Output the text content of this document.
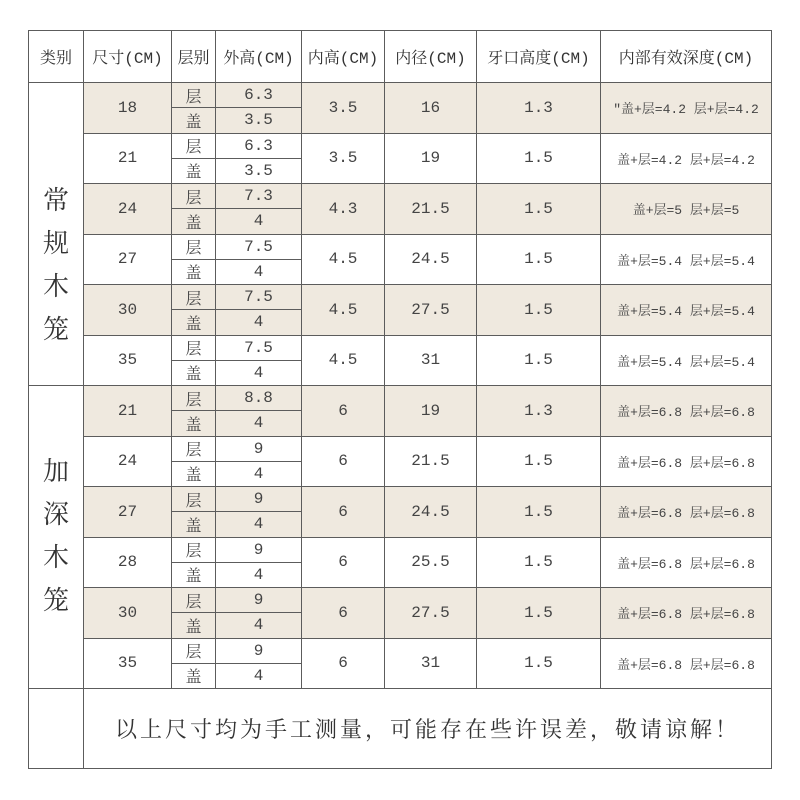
类别	尺寸(CM)	层别	外高(CM)	内高(CM)	内径(CM)	牙口高度(CM)	内部有效深度(CM)

常规木笼	18	层	6.3	3.5	16	1.3	"盖+层=4.2 层+层=4.2
		盖	3.5				
	21	层	6.3	3.5	19	1.5	盖+层=4.2 层+层=4.2
		盖	3.5				
	24	层	7.3	4.3	21.5	1.5	盖+层=5 层+层=5
		盖	4				
	27	层	7.5	4.5	24.5	1.5	盖+层=5.4 层+层=5.4
		盖	4				
	30	层	7.5	4.5	27.5	1.5	盖+层=5.4 层+层=5.4
		盖	4				
	35	层	7.5	4.5	31	1.5	盖+层=5.4 层+层=5.4
		盖	4				

加深木笼	21	层	8.8	6	19	1.3	盖+层=6.8 层+层=6.8
		盖	4				
	24	层	9	6	21.5	1.5	盖+层=6.8 层+层=6.8
		盖	4				
	27	层	9	6	24.5	1.5	盖+层=6.8 层+层=6.8
		盖	4				
	28	层	9	6	25.5	1.5	盖+层=6.8 层+层=6.8
		盖	4				
	30	层	9	6	27.5	1.5	盖+层=6.8 层+层=6.8
		盖	4				
	35	层	9	6	31	1.5	盖+层=6.8 层+层=6.8
		盖	4				
	以上尺寸均为手工测量，可能存在些许误差，敬请谅解！						
